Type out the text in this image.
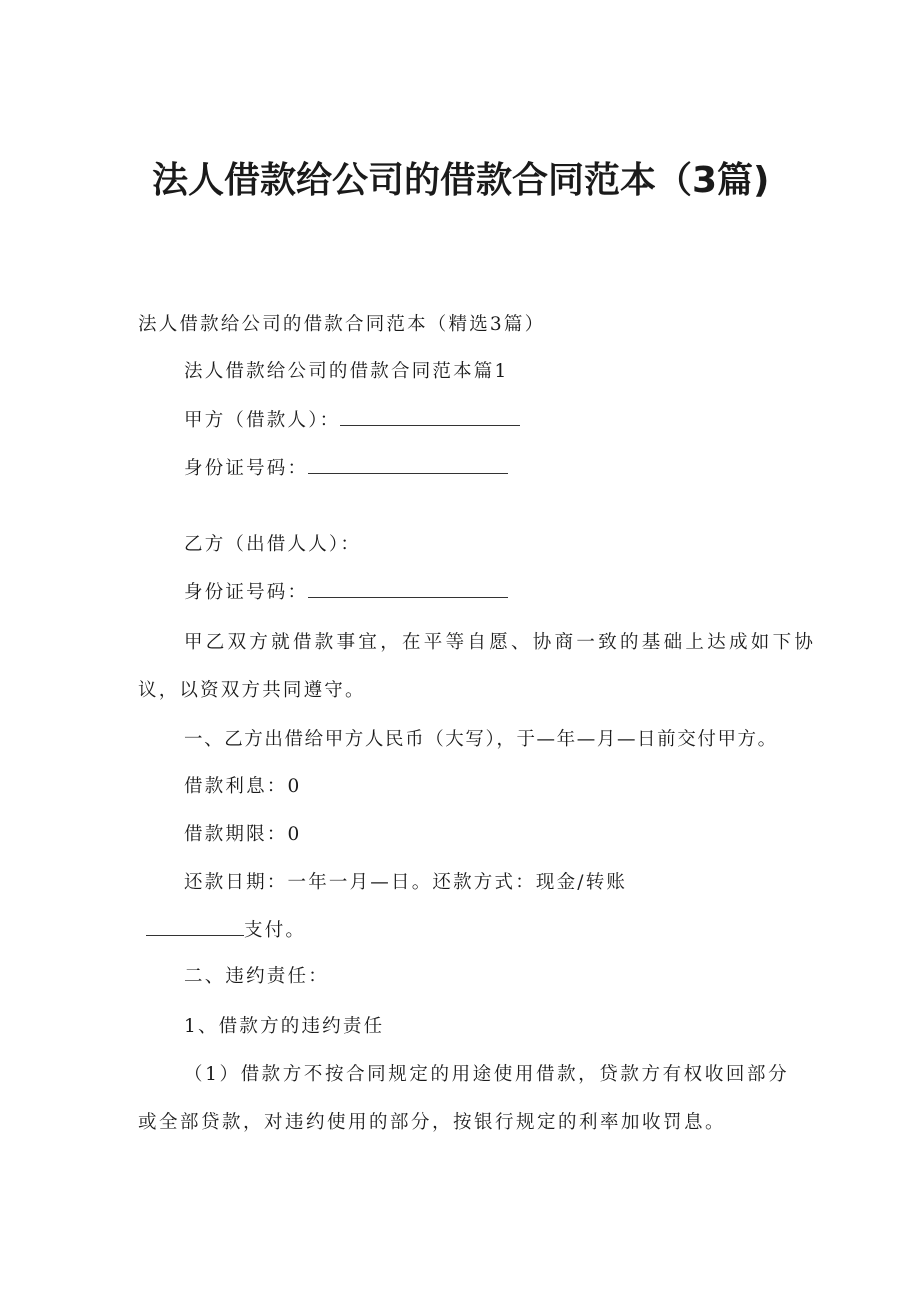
法人借款给公司的借款合同范本（3篇)
法人借款给公司的借款合同范本（精选3篇）
法人借款给公司的借款合同范本篇1
甲方（借款人）：
身份证号码：
乙方（出借人人）：
身份证号码：
甲乙双方就借款事宜，在平等自愿、协商一致的基础上达成如下协
议，以资双方共同遵守。
一、乙方出借给甲方人民币（大写），于—年—月—日前交付甲方。
借款利息：0
借款期限：0
还款日期：一年一月—日。还款方式：现金/转账
支付。
二、违约责任：
1、借款方的违约责任
（1）借款方不按合同规定的用途使用借款，贷款方有权收回部分
或全部贷款，对违约使用的部分，按银行规定的利率加收罚息。
